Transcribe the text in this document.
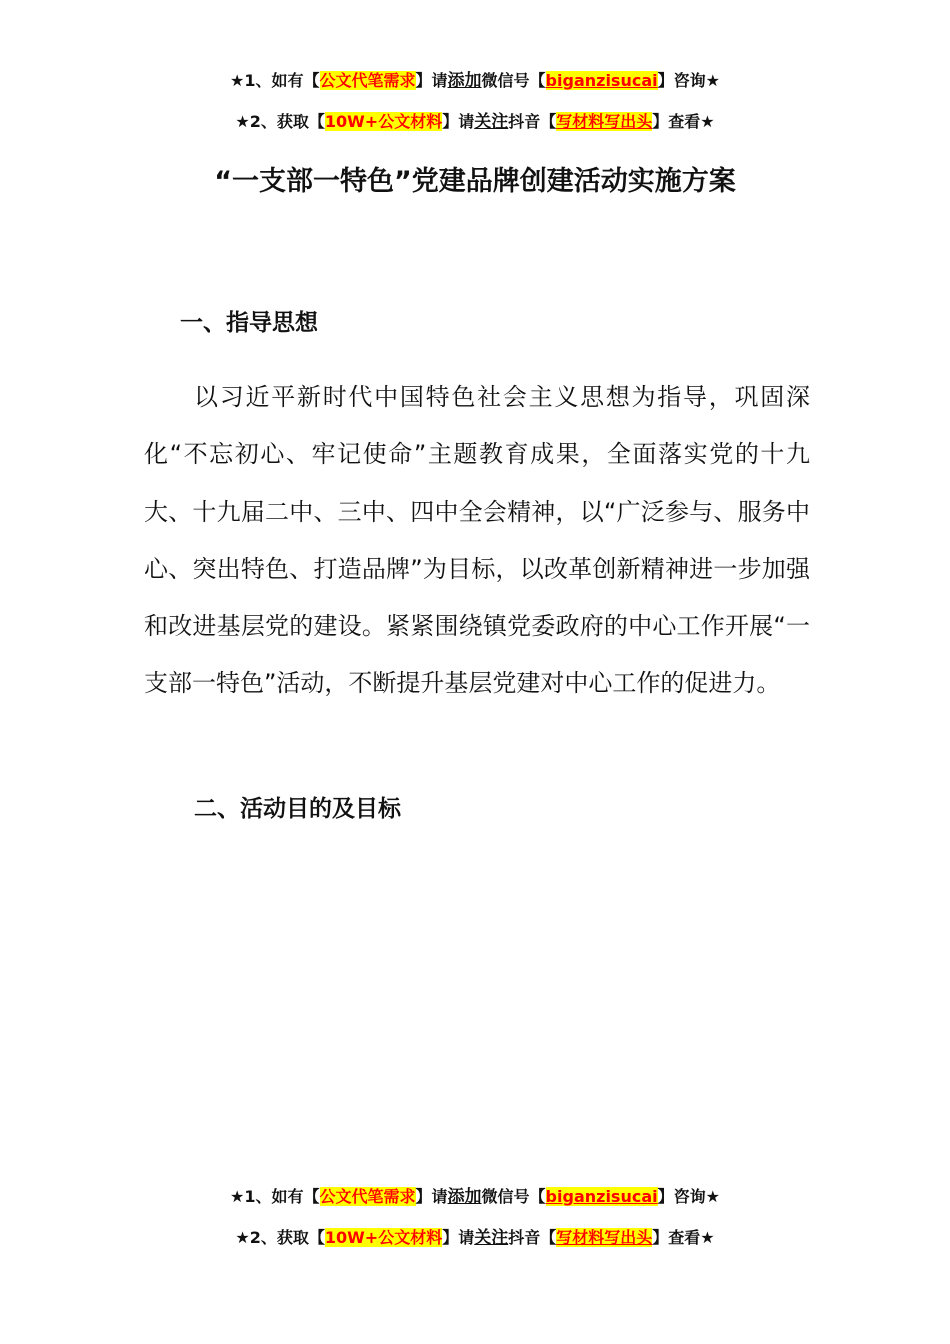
★1、如有【公文代笔需求】请添加微信号【biganzisucai】咨询★
★2、获取【10W+公文材料】请关注抖音【写材料写出头】查看★
“一支部一特色”党建品牌创建活动实施方案
一、指导思想

以习近平新时代中国特色社会主义思想为指导，巩固深化“不忘初心、牢记使命”主题教育成果，全面落实党的十九大、十九届二中、三中、四中全会精神，以“广泛参与、服务中心、突出特色、打造品牌”为目标，以改革创新精神进一步加强和改进基层党的建设。紧紧围绕镇党委政府的中心工作开展“一支部一特色”活动，不断提升基层党建对中心工作的促进力。

二、活动目的及目标
★1、如有【公文代笔需求】请添加微信号【biganzisucai】咨询★
★2、获取【10W+公文材料】请关注抖音【写材料写出头】查看★
